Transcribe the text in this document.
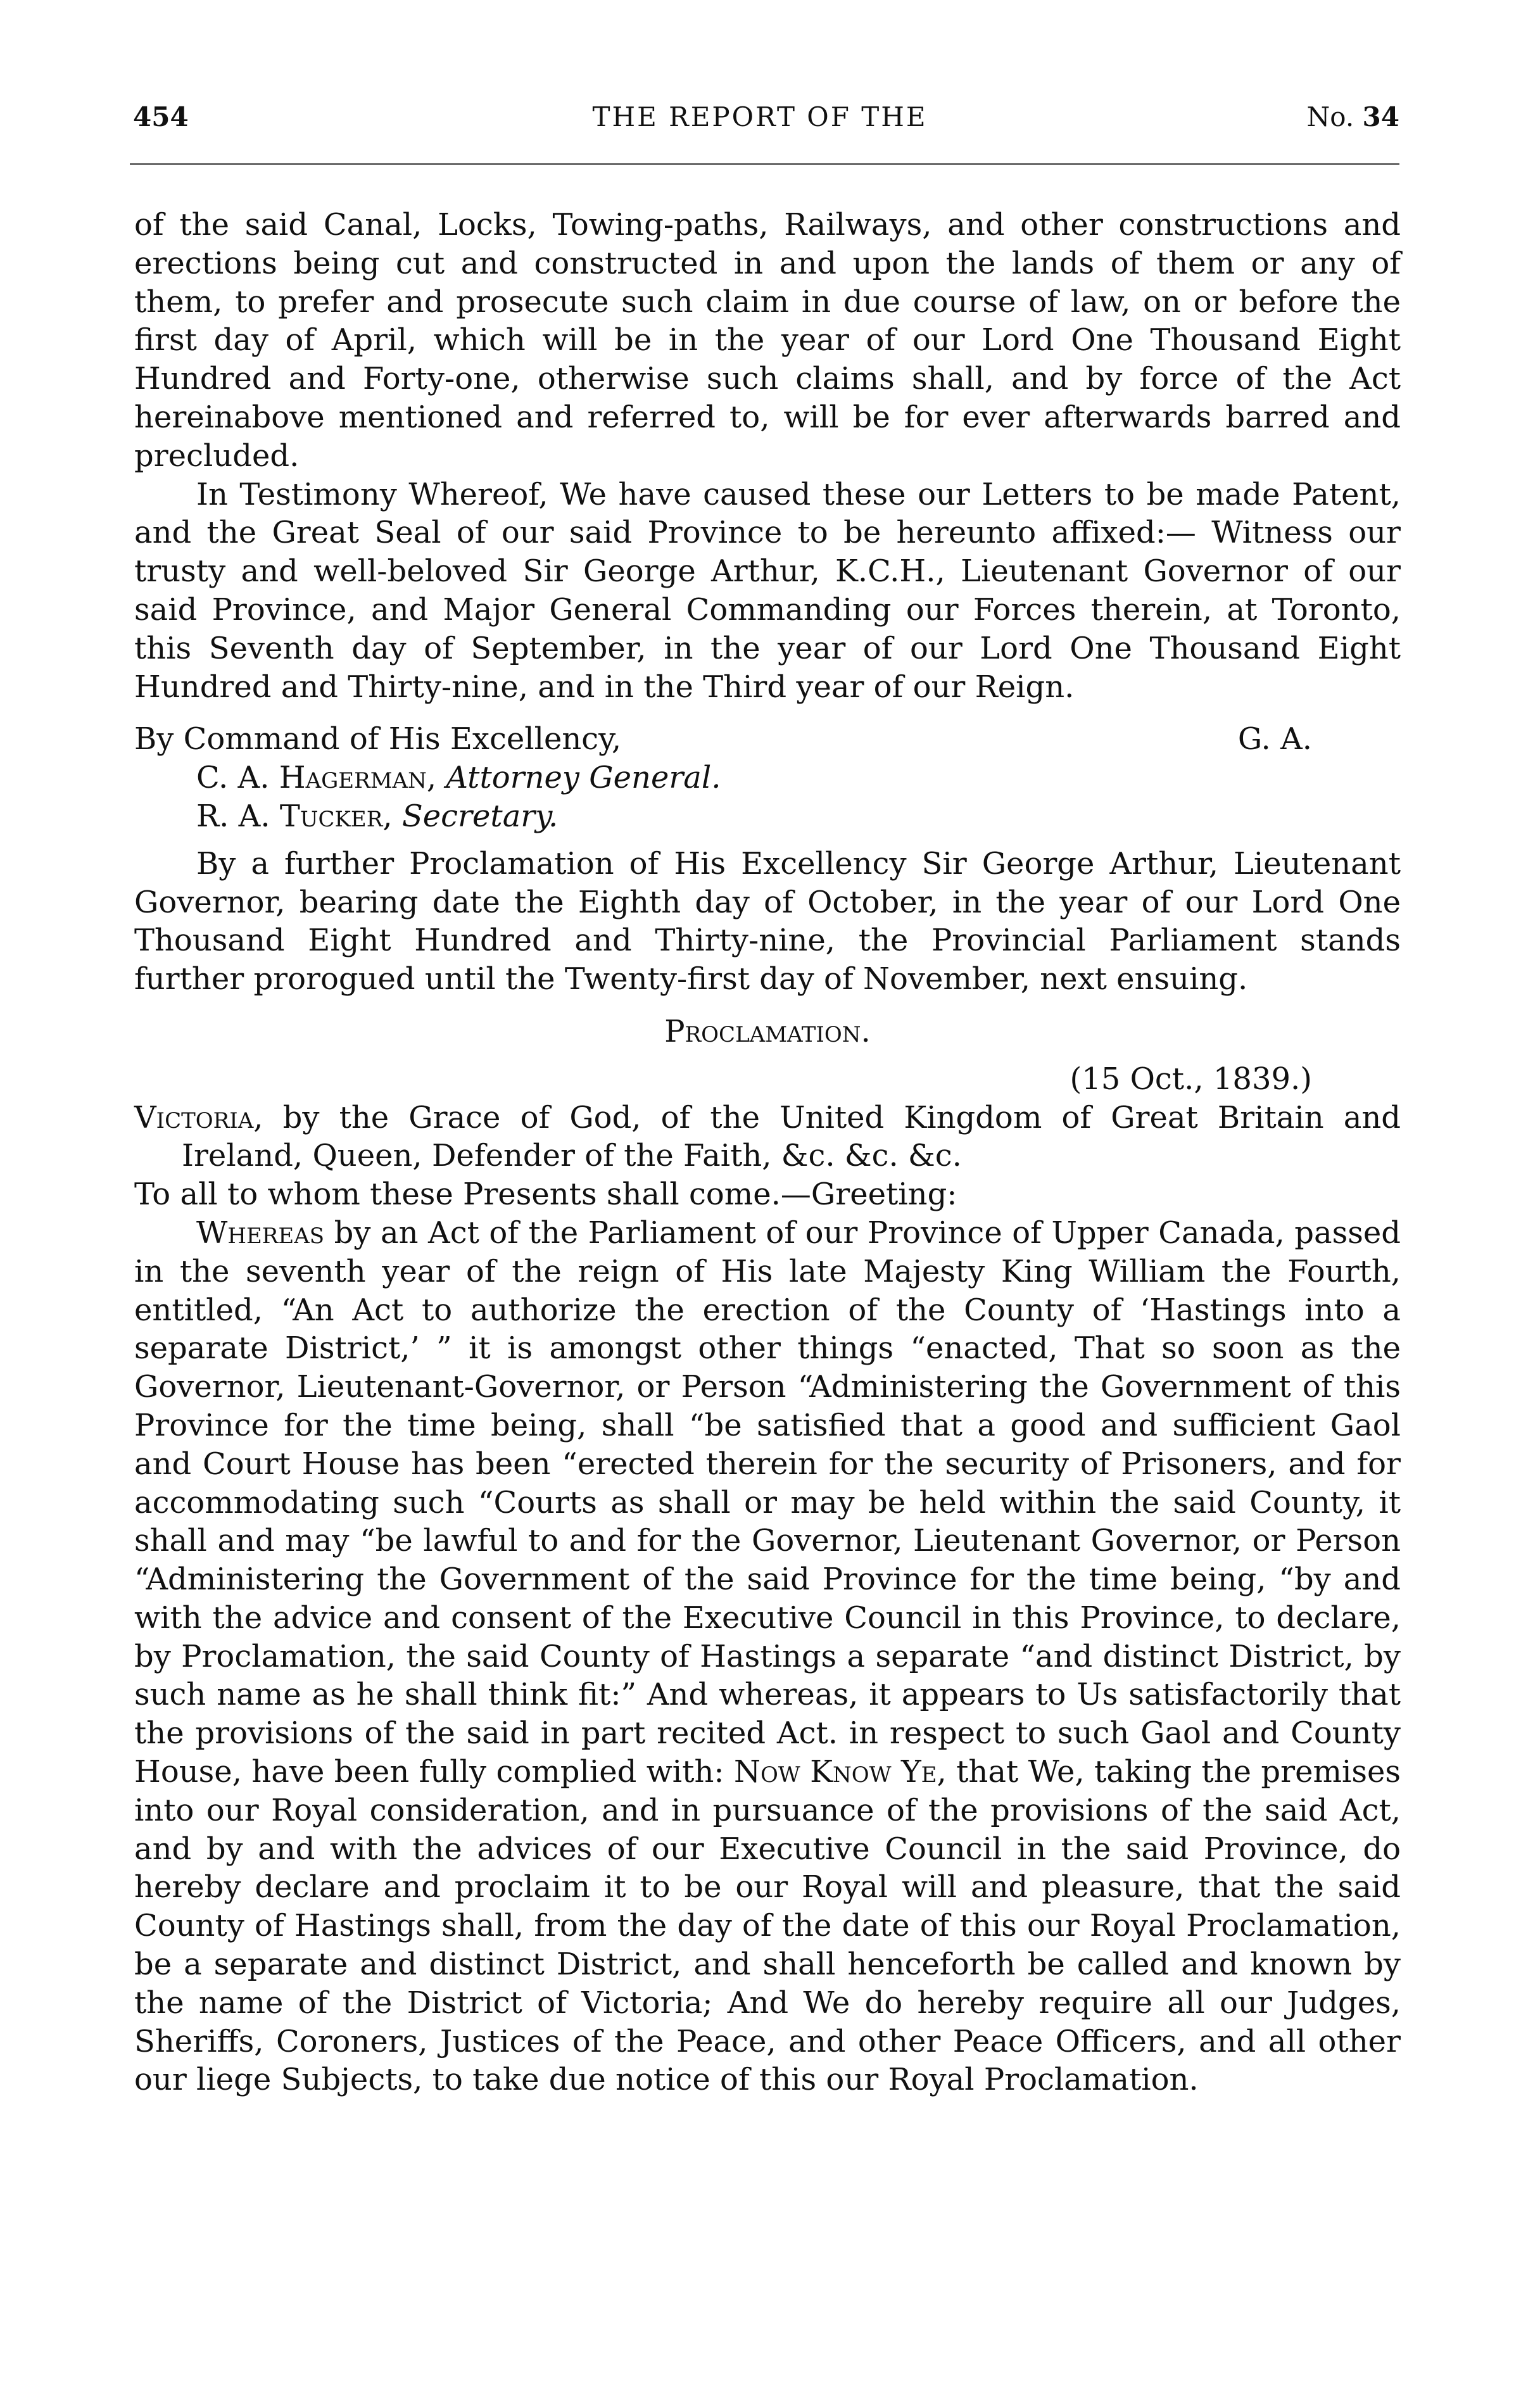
454	THE REPORT OF THE	No. 34

of the said Canal, Locks, Towing-paths, Railways, and other constructions and erections being cut and constructed in and upon the lands of them or any of them, to prefer and prosecute such claim in due course of law, on or before the first day of April, which will be in the year of our Lord One Thousand Eight Hundred and Forty-one, otherwise such claims shall, and by force of the Act hereinabove mentioned and referred to, will be for ever afterwards barred and precluded.

In Testimony Whereof, We have caused these our Letters to be made Patent, and the Great Seal of our said Province to be hereunto affixed:— Witness our trusty and well-beloved Sir George Arthur, K.C.H., Lieutenant Governor of our said Province, and Major General Commanding our Forces therein, at Toronto, this Seventh day of September, in the year of our Lord One Thousand Eight Hundred and Thirty-nine, and in the Third year of our Reign.

By Command of His Excellency,	G. A.

C. A. Hagerman, Attorney General.

R. A. Tucker, Secretary.

By a further Proclamation of His Excellency Sir George Arthur, Lieutenant Governor, bearing date the Eighth day of October, in the year of our Lord One Thousand Eight Hundred and Thirty-nine, the Provincial Parliament stands further prorogued until the Twenty-first day of November, next ensuing.

Proclamation.

(15 Oct., 1839.)

Victoria, by the Grace of God, of the United Kingdom of Great Britain and Ireland, Queen, Defender of the Faith, &c. &c. &c.

To all to whom these Presents shall come.—Greeting:

Whereas by an Act of the Parliament of our Province of Upper Canada, passed in the seventh year of the reign of His late Majesty King William the Fourth, entitled, “An Act to authorize the erection of the County of ‘Hastings into a separate District,’ ” it is amongst other things “enacted, That so soon as the Governor, Lieutenant-Governor, or Person “Administering the Government of this Province for the time being, shall “be satisfied that a good and sufficient Gaol and Court House has been “erected therein for the security of Prisoners, and for accommodating such “Courts as shall or may be held within the said County, it shall and may “be lawful to and for the Governor, Lieutenant Governor, or Person “Administering the Government of the said Province for the time being, “by and with the advice and consent of the Executive Council in this Province, to declare, by Proclamation, the said County of Hastings a separate “and distinct District, by such name as he shall think fit:” And whereas, it appears to Us satisfactorily that the provisions of the said in part recited Act. in respect to such Gaol and County House, have been fully complied with: Now Know Ye, that We, taking the premises into our Royal consideration, and in pursuance of the provisions of the said Act, and by and with the advices of our Executive Council in the said Province, do hereby declare and proclaim it to be our Royal will and pleasure, that the said County of Hastings shall, from the day of the date of this our Royal Proclamation, be a separate and distinct District, and shall henceforth be called and known by the name of the District of Victoria; And We do hereby require all our Judges, Sheriffs, Coroners, Justices of the Peace, and other Peace Officers, and all other our liege Subjects, to take due notice of this our Royal Proclamation.
